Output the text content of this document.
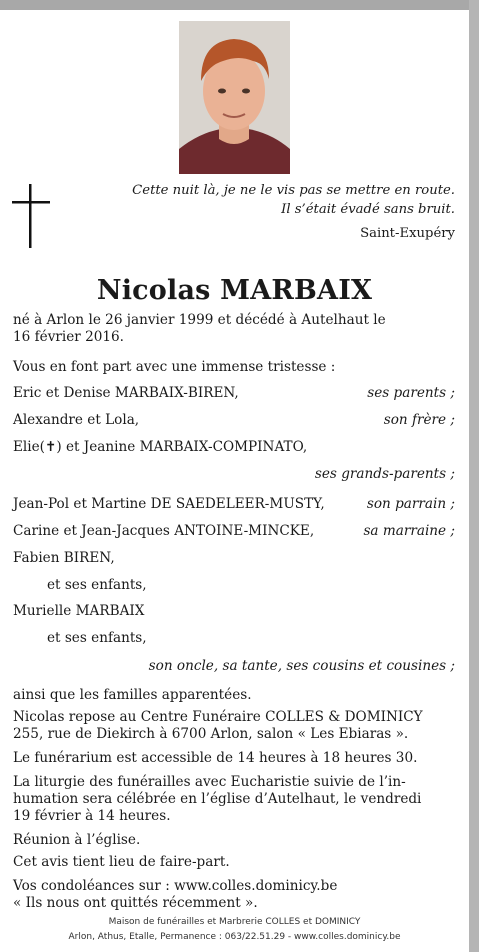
Cette nuit là, je ne le vis pas se mettre en route.
Il s’était évadé sans bruit.
Saint-Exupéry
Nicolas MARBAIX
né à Arlon le 26 janvier 1999 et décédé à Autelhaut le
16 février 2016.
Vous en font part avec une immense tristesse :
Eric et Denise MARBAIX-BIREN,	ses parents ;
Alexandre et Lola,	son frère ;
Elie(✝) et Jeanine MARBAIX-COMPINATO,
ses grands-parents ;
Jean-Pol et Martine DE SAEDELEER-MUSTY,	son parrain ;
Carine et Jean-Jacques ANTOINE-MINCKE,	sa marraine ;
Fabien BIREN,
et ses enfants,
Murielle MARBAIX
et ses enfants,
son oncle, sa tante, ses cousins et cousines ;
ainsi que les familles apparentées.
Nicolas repose au Centre Funéraire COLLES & DOMINICY
255, rue de Diekirch à 6700 Arlon, salon « Les Ebiaras ».
Le funérarium est accessible de 14 heures à 18 heures 30.
La liturgie des funérailles avec Eucharistie suivie de l’in-
humation sera célébrée en l’église d’Autelhaut, le vendredi
19 février à 14 heures.
Réunion à l’église.
Cet avis tient lieu de faire-part.
Vos condoléances sur : www.colles.dominicy.be
« Ils nous ont quittés récemment ».
Maison de funérailles et Marbrerie COLLES et DOMINICY
Arlon, Athus, Etalle, Permanence : 063/22.51.29 - www.colles.dominicy.be
